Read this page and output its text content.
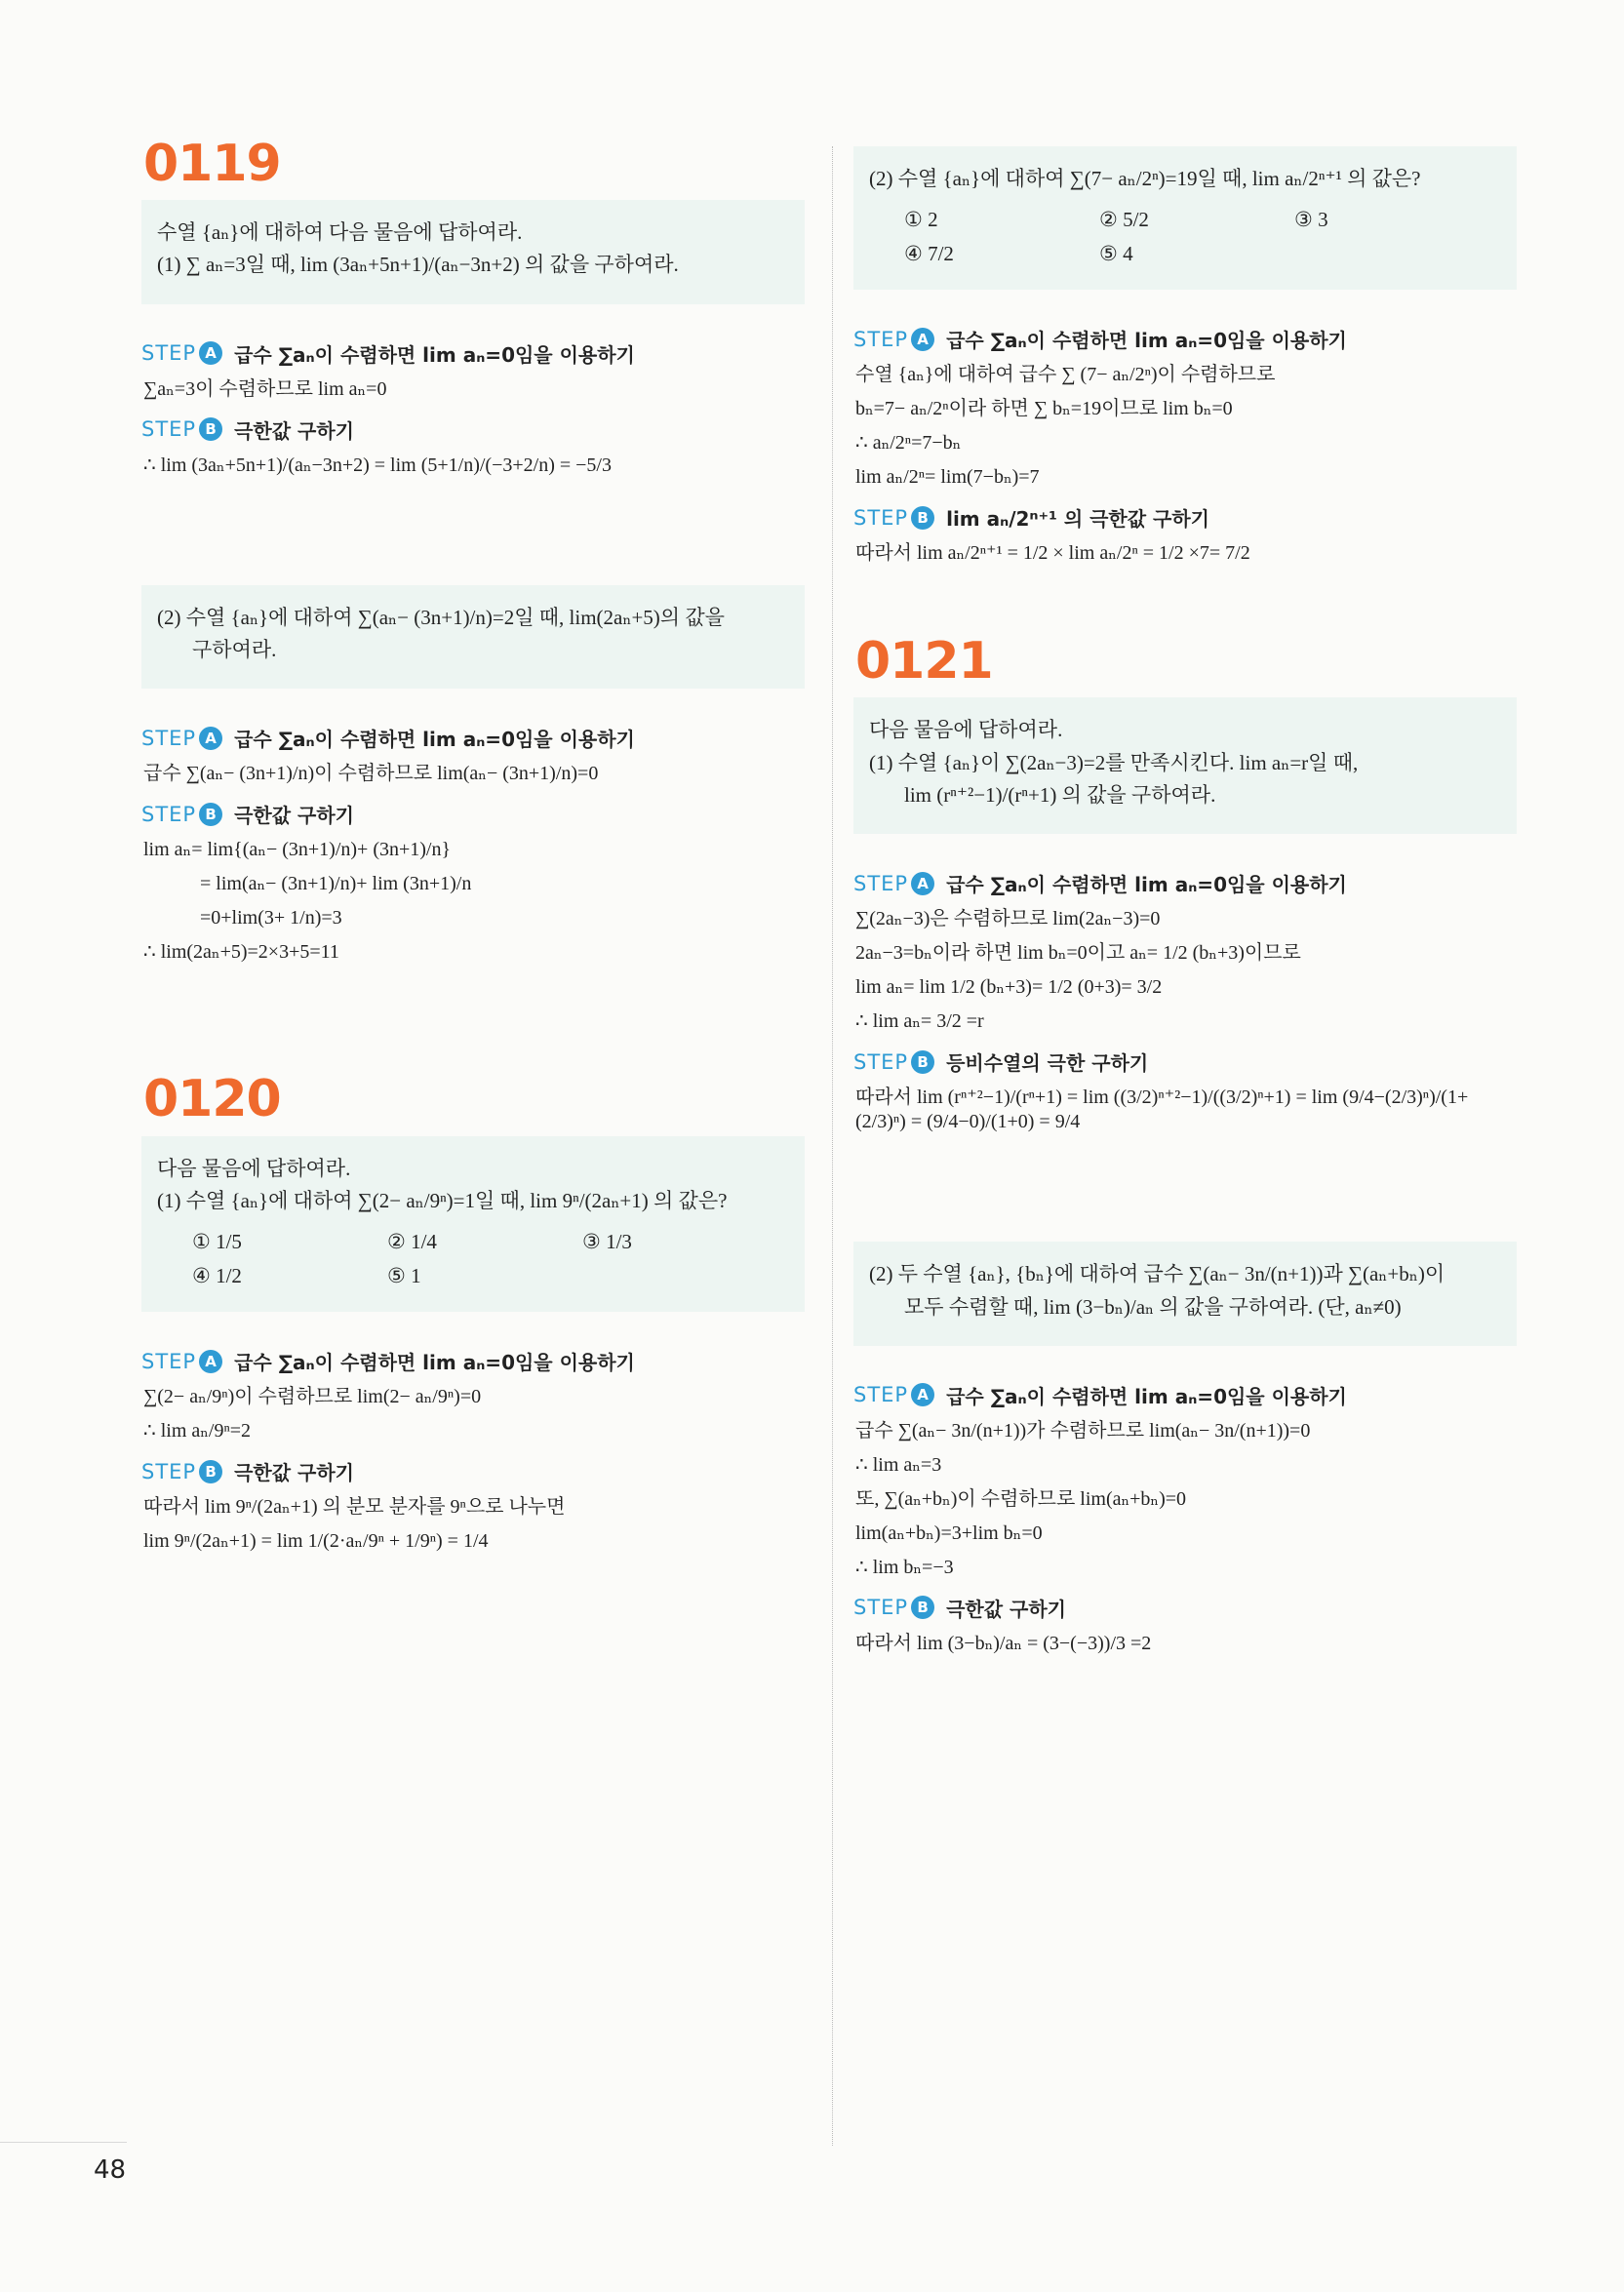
0119
수열 {aₙ}에 대하여 다음 물음에 답하여라.
(1) ∑ aₙ=3일 때, lim (3aₙ+5n+1)/(aₙ−3n+2) 의 값을 구하여라.
STEP A 급수 ∑aₙ이 수렴하면 lim aₙ=0임을 이용하기
∑aₙ=3이 수렴하므로 lim aₙ=0
STEP B 극한값 구하기
∴ lim (3aₙ+5n+1)/(aₙ−3n+2) = lim (5+1/n)/(−3+2/n) = −5/3
(2) 수열 {aₙ}에 대하여 ∑(aₙ− (3n+1)/n)=2일 때, lim(2aₙ+5)의 값을
구하여라.
STEP A 급수 ∑aₙ이 수렴하면 lim aₙ=0임을 이용하기
급수 ∑(aₙ− (3n+1)/n)이 수렴하므로 lim(aₙ− (3n+1)/n)=0
STEP B 극한값 구하기
lim aₙ= lim{(aₙ− (3n+1)/n)+ (3n+1)/n}
= lim(aₙ− (3n+1)/n)+ lim (3n+1)/n
=0+lim(3+ 1/n)=3
∴ lim(2aₙ+5)=2×3+5=11
0120
다음 물음에 답하여라.
(1) 수열 {aₙ}에 대하여 ∑(2− aₙ/9ⁿ)=1일 때, lim 9ⁿ/(2aₙ+1) 의 값은?
① 1/5	② 1/4	③ 1/3
④ 1/2	⑤ 1
STEP A 급수 ∑aₙ이 수렴하면 lim aₙ=0임을 이용하기
∑(2− aₙ/9ⁿ)이 수렴하므로 lim(2− aₙ/9ⁿ)=0
∴ lim aₙ/9ⁿ=2
STEP B 극한값 구하기
따라서 lim 9ⁿ/(2aₙ+1) 의 분모 분자를 9ⁿ으로 나누면
lim 9ⁿ/(2aₙ+1) = lim 1/(2·aₙ/9ⁿ + 1/9ⁿ) = 1/4
(2) 수열 {aₙ}에 대하여 ∑(7− aₙ/2ⁿ)=19일 때, lim aₙ/2ⁿ⁺¹ 의 값은?
① 2	② 5/2	③ 3
④ 7/2	⑤ 4
STEP A 급수 ∑aₙ이 수렴하면 lim aₙ=0임을 이용하기
수열 {aₙ}에 대하여 급수 ∑ (7− aₙ/2ⁿ)이 수렴하므로
bₙ=7− aₙ/2ⁿ이라 하면 ∑ bₙ=19이므로 lim bₙ=0
∴ aₙ/2ⁿ=7−bₙ
lim aₙ/2ⁿ= lim(7−bₙ)=7
STEP B lim aₙ/2ⁿ⁺¹ 의 극한값 구하기
따라서 lim aₙ/2ⁿ⁺¹ = 1/2 × lim aₙ/2ⁿ = 1/2 ×7= 7/2
0121
다음 물음에 답하여라.
(1) 수열 {aₙ}이 ∑(2aₙ−3)=2를 만족시킨다. lim aₙ=r일 때,
lim (rⁿ⁺²−1)/(rⁿ+1) 의 값을 구하여라.
STEP A 급수 ∑aₙ이 수렴하면 lim aₙ=0임을 이용하기
∑(2aₙ−3)은 수렴하므로 lim(2aₙ−3)=0
2aₙ−3=bₙ이라 하면 lim bₙ=0이고 aₙ= 1/2 (bₙ+3)이므로
lim aₙ= lim 1/2 (bₙ+3)= 1/2 (0+3)= 3/2
∴ lim aₙ= 3/2 =r
STEP B 등비수열의 극한 구하기
따라서 lim (rⁿ⁺²−1)/(rⁿ+1) = lim ((3/2)ⁿ⁺²−1)/((3/2)ⁿ+1) = lim (9/4−(2/3)ⁿ)/(1+(2/3)ⁿ) = (9/4−0)/(1+0) = 9/4
(2) 두 수열 {aₙ}, {bₙ}에 대하여 급수 ∑(aₙ− 3n/(n+1))과 ∑(aₙ+bₙ)이
모두 수렴할 때, lim (3−bₙ)/aₙ 의 값을 구하여라. (단, aₙ≠0)
STEP A 급수 ∑aₙ이 수렴하면 lim aₙ=0임을 이용하기
급수 ∑(aₙ− 3n/(n+1))가 수렴하므로 lim(aₙ− 3n/(n+1))=0
∴ lim aₙ=3
또, ∑(aₙ+bₙ)이 수렴하므로 lim(aₙ+bₙ)=0
lim(aₙ+bₙ)=3+lim bₙ=0
∴ lim bₙ=−3
STEP B 극한값 구하기
따라서 lim (3−bₙ)/aₙ = (3−(−3))/3 =2
48
